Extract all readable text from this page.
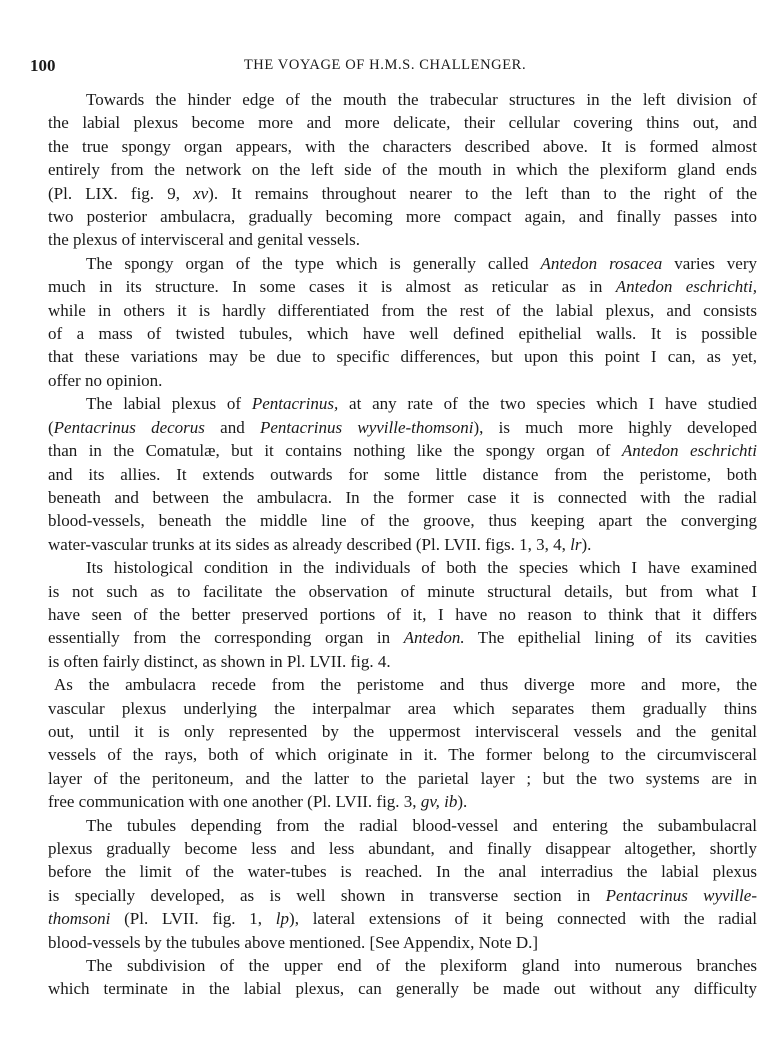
100	THE VOYAGE OF H.M.S. CHALLENGER.
Towards the hinder edge of the mouth the trabecular structures in the left division of
the labial plexus become more and more delicate, their cellular covering thins out, and
the true spongy organ appears, with the characters described above. It is formed almost
entirely from the network on the left side of the mouth in which the plexiform gland ends
(Pl. LIX. fig. 9, xv). It remains throughout nearer to the left than to the right of the
two posterior ambulacra, gradually becoming more compact again, and finally passes into
the plexus of intervisceral and genital vessels.
The spongy organ of the type which is generally called Antedon rosacea varies very
much in its structure. In some cases it is almost as reticular as in Antedon eschrichti,
while in others it is hardly differentiated from the rest of the labial plexus, and consists
of a mass of twisted tubules, which have well defined epithelial walls. It is possible
that these variations may be due to specific differences, but upon this point I can, as yet,
offer no opinion.
The labial plexus of Pentacrinus, at any rate of the two species which I have studied
(Pentacrinus decorus and Pentacrinus wyville-thomsoni), is much more highly developed
than in the Comatulæ, but it contains nothing like the spongy organ of Antedon eschrichti
and its allies. It extends outwards for some little distance from the peristome, both
beneath and between the ambulacra. In the former case it is connected with the radial
blood-vessels, beneath the middle line of the groove, thus keeping apart the converging
water-vascular trunks at its sides as already described (Pl. LVII. figs. 1, 3, 4, lr).
Its histological condition in the individuals of both the species which I have examined
is not such as to facilitate the observation of minute structural details, but from what I
have seen of the better preserved portions of it, I have no reason to think that it differs
essentially from the corresponding organ in Antedon. The epithelial lining of its cavities
is often fairly distinct, as shown in Pl. LVII. fig. 4.
As the ambulacra recede from the peristome and thus diverge more and more, the
vascular plexus underlying the interpalmar area which separates them gradually thins
out, until it is only represented by the uppermost intervisceral vessels and the genital
vessels of the rays, both of which originate in it. The former belong to the circumvisceral
layer of the peritoneum, and the latter to the parietal layer ; but the two systems are in
free communication with one another (Pl. LVII. fig. 3, gv, ib).
The tubules depending from the radial blood-vessel and entering the subambulacral
plexus gradually become less and less abundant, and finally disappear altogether, shortly
before the limit of the water-tubes is reached. In the anal interradius the labial plexus
is specially developed, as is well shown in transverse section in Pentacrinus wyville-
thomsoni (Pl. LVII. fig. 1, lp), lateral extensions of it being connected with the radial
blood-vessels by the tubules above mentioned. [See Appendix, Note D.]
The subdivision of the upper end of the plexiform gland into numerous branches
which terminate in the labial plexus, can generally be made out without any difficulty
